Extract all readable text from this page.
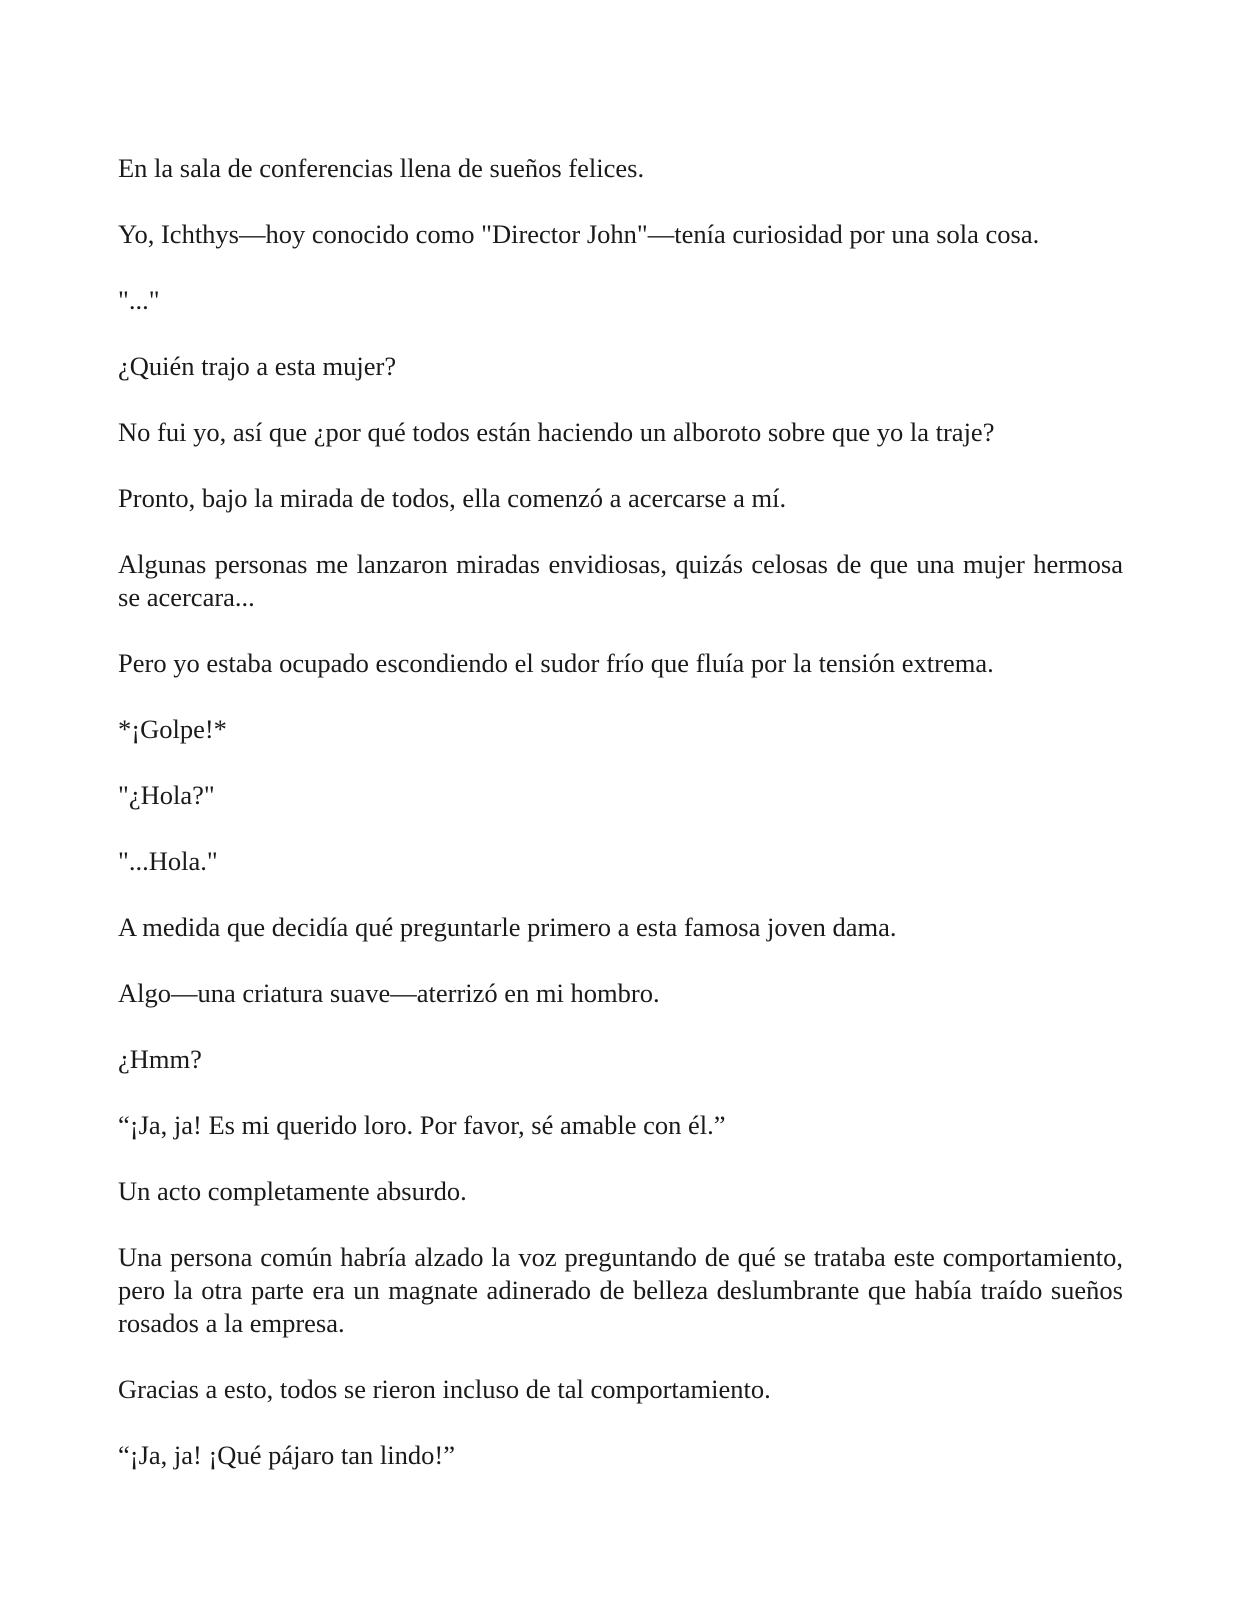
En la sala de conferencias llena de sueños felices.

Yo, Ichthys—hoy conocido como "Director John"—tenía curiosidad por una sola cosa.

"..."

¿Quién trajo a esta mujer?

No fui yo, así que ¿por qué todos están haciendo un alboroto sobre que yo la traje?

Pronto, bajo la mirada de todos, ella comenzó a acercarse a mí.

Algunas personas me lanzaron miradas envidiosas, quizás celosas de que una mujer hermosa se acercara...

Pero yo estaba ocupado escondiendo el sudor frío que fluía por la tensión extrema.

*¡Golpe!*

"¿Hola?"

"...Hola."

A medida que decidía qué preguntarle primero a esta famosa joven dama.

Algo—una criatura suave—aterrizó en mi hombro.

¿Hmm?

“¡Ja, ja! Es mi querido loro. Por favor, sé amable con él.”

Un acto completamente absurdo.

Una persona común habría alzado la voz preguntando de qué se trataba este comportamiento, pero la otra parte era un magnate adinerado de belleza deslumbrante que había traído sueños rosados a la empresa.

Gracias a esto, todos se rieron incluso de tal comportamiento.

“¡Ja, ja! ¡Qué pájaro tan lindo!”
